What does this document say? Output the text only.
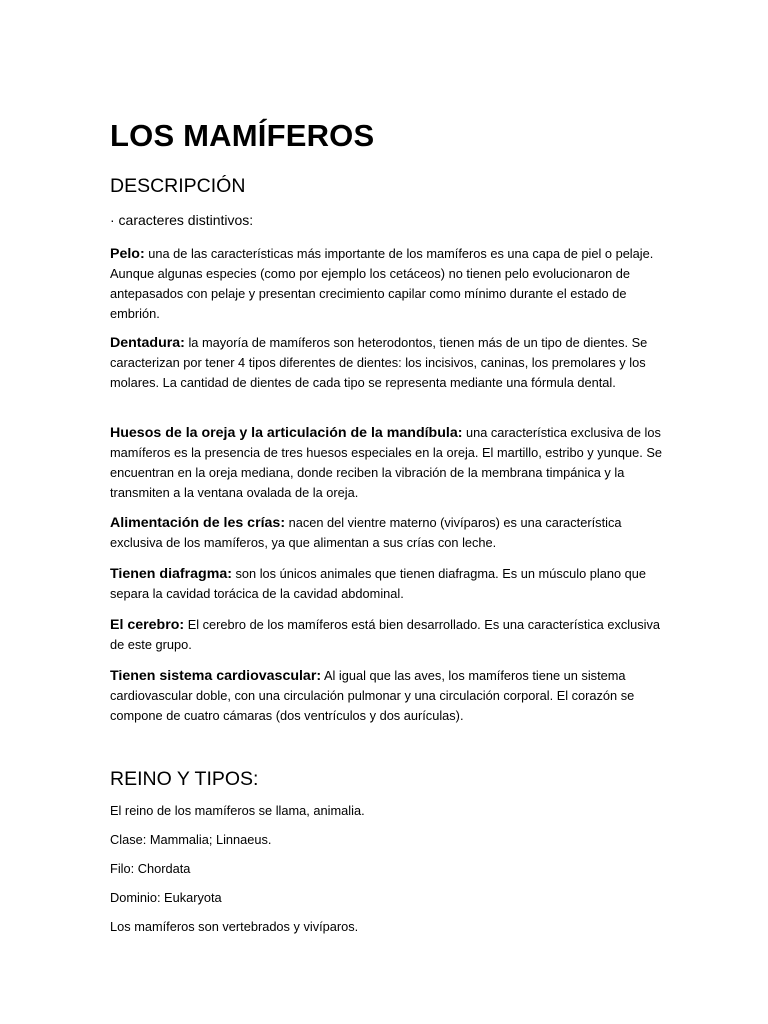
LOS MAMÍFEROS
DESCRIPCIÓN

· caracteres distintivos:

Pelo: una de las características más importante de los mamíferos es una capa de piel o pelaje. Aunque algunas especies (como por ejemplo los cetáceos) no tienen pelo evolucionaron de antepasados con pelaje y presentan crecimiento capilar como mínimo durante el estado de embrión.

Dentadura: la mayoría de mamíferos son heterodontos, tienen más de un tipo de dientes. Se caracterizan por tener 4 tipos diferentes de dientes: los incisivos, caninas, los premolares y los molares. La cantidad de dientes de cada tipo se representa mediante una fórmula dental.

Huesos de la oreja y la articulación de la mandíbula: una característica exclusiva de los mamíferos es la presencia de tres huesos especiales en la oreja. El martillo, estribo y yunque. Se encuentran en la oreja mediana, donde reciben la vibración de la membrana timpánica y la transmiten a la ventana ovalada de la oreja.

Alimentación de les crías: nacen del vientre materno (vivíparos) es una característica exclusiva de los mamíferos, ya que alimentan a sus crías con leche.

Tienen diafragma: son los únicos animales que tienen diafragma. Es un músculo plano que separa la cavidad torácica de la cavidad abdominal.

El cerebro: El cerebro de los mamíferos está bien desarrollado. Es una característica exclusiva de este grupo.

Tienen sistema cardiovascular: Al igual que las aves, los mamíferos tiene un sistema cardiovascular doble, con una circulación pulmonar y una circulación corporal. El corazón se compone de cuatro cámaras (dos ventrículos y dos aurículas).

REINO Y TIPOS:

El reino de los mamíferos se llama, animalia.

Clase: Mammalia; Linnaeus.

Filo: Chordata

Dominio: Eukaryota

Los mamíferos son vertebrados y vivíparos.
